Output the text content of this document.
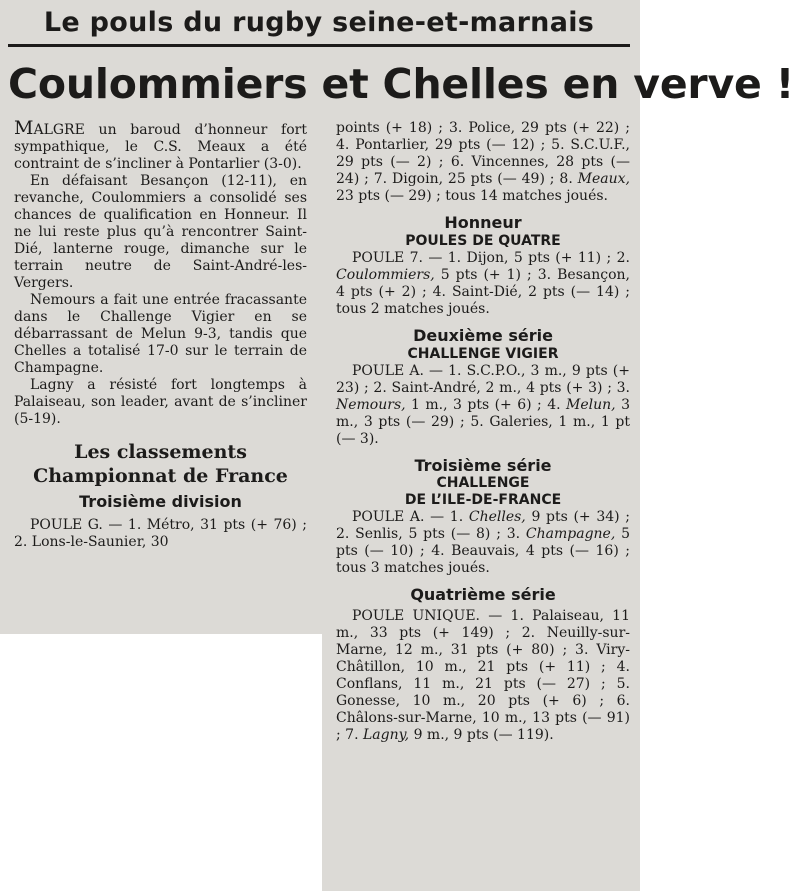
Le pouls du rugby seine-et-marnais
Coulommiers et Chelles en verve !

MALGRE un baroud d’honneur fort sympathique, le C.S. Meaux a été contraint de s’incliner à Pontarlier (3-0).

En défaisant Besançon (12-11), en revanche, Coulommiers a consolidé ses chances de qualification en Honneur. Il ne lui reste plus qu’à rencontrer Saint-Dié, lanterne rouge, dimanche sur le terrain neutre de Saint-André-les-Vergers.

Nemours a fait une entrée fracassante dans le Challenge Vigier en se débarrassant de Melun 9-3, tandis que Chelles a totalisé 17-0 sur le terrain de Champagne.

Lagny a résisté fort longtemps à Palaiseau, son leader, avant de s’incliner (5-19).

Les classements

Championnat de France

Troisième division

POULE G. — 1. Métro, 31 pts (+ 76) ; 2. Lons-le-Saunier, 30

points (+ 18) ; 3. Police, 29 pts (+ 22) ; 4. Pontarlier, 29 pts (— 12) ; 5. S.C.U.F., 29 pts (— 2) ; 6. Vincennes, 28 pts (— 24) ; 7. Digoin, 25 pts (— 49) ; 8. Meaux, 23 pts (— 29) ; tous 14 matches joués.

Honneur

POULES DE QUATRE

POULE 7. — 1. Dijon, 5 pts (+ 11) ; 2. Coulommiers, 5 pts (+ 1) ; 3. Besançon, 4 pts (+ 2) ; 4. Saint-Dié, 2 pts (— 14) ; tous 2 matches joués.

Deuxième série

CHALLENGE VIGIER

POULE A. — 1. S.C.P.O., 3 m., 9 pts (+ 23) ; 2. Saint-André, 2 m., 4 pts (+ 3) ; 3. Nemours, 1 m., 3 pts (+ 6) ; 4. Melun, 3 m., 3 pts (— 29) ; 5. Galeries, 1 m., 1 pt (— 3).

Troisième série

CHALLENGE

DE L’ILE-DE-FRANCE

POULE A. — 1. Chelles, 9 pts (+ 34) ; 2. Senlis, 5 pts (— 8) ; 3. Champagne, 5 pts (— 10) ; 4. Beauvais, 4 pts (— 16) ; tous 3 matches joués.

Quatrième série

POULE UNIQUE. — 1. Palaiseau, 11 m., 33 pts (+ 149) ; 2. Neuilly-sur-Marne, 12 m., 31 pts (+ 80) ; 3. Viry-Châtillon, 10 m., 21 pts (+ 11) ; 4. Conflans, 11 m., 21 pts (— 27) ; 5. Gonesse, 10 m., 20 pts (+ 6) ; 6. Châlons-sur-Marne, 10 m., 13 pts (— 91) ; 7. Lagny, 9 m., 9 pts (— 119).
